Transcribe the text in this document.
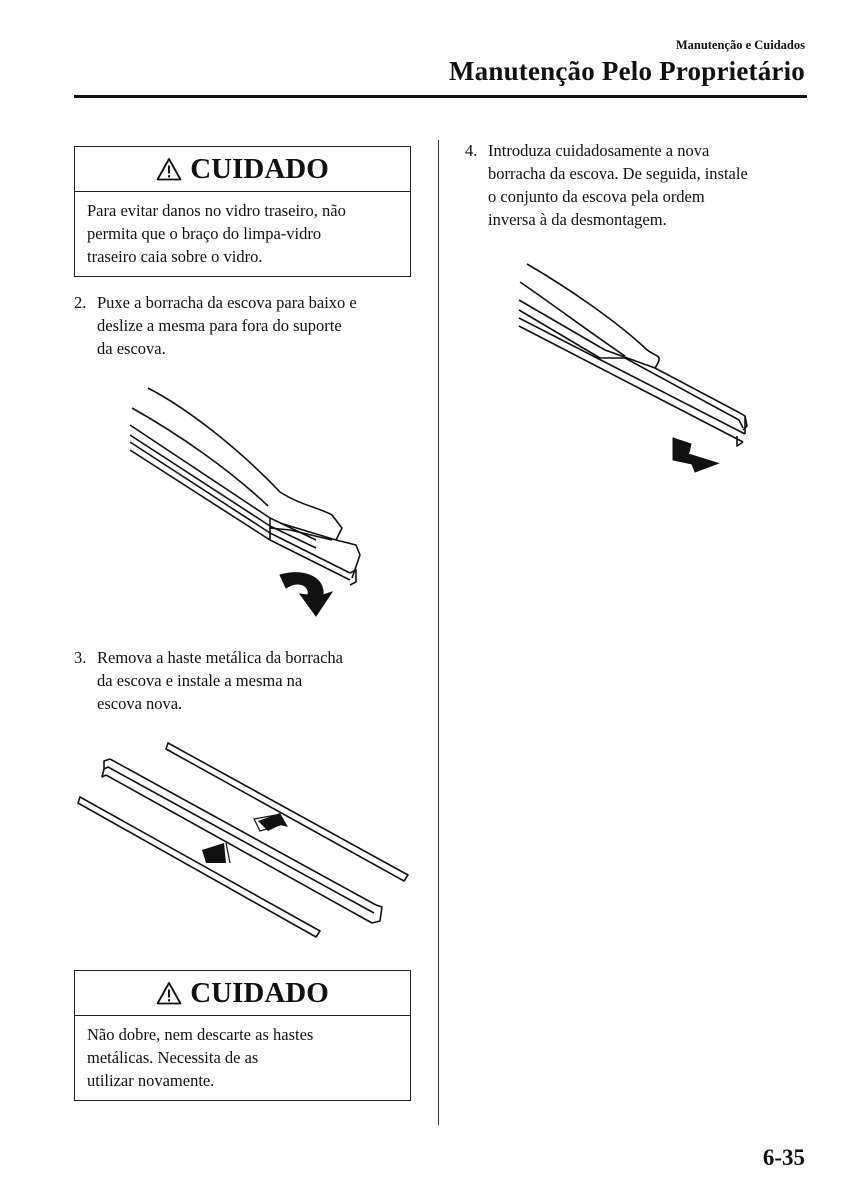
Manutenção e Cuidados
Manutenção Pelo Proprietário
CUIDADO
Para evitar danos no vidro traseiro, não
permita que o braço do limpa-vidro
traseiro caia sobre o vidro.
2. Puxe a borracha da escova para baixo e
deslize a mesma para fora do suporte
da escova.
3. Remova a haste metálica da borracha
da escova e instale a mesma na
escova nova.
CUIDADO
Não dobre, nem descarte as hastes
metálicas. Necessita de as
utilizar novamente.
4. Introduza cuidadosamente a nova
borracha da escova. De seguida, instale
o conjunto da escova pela ordem
inversa à da desmontagem.
6-35
